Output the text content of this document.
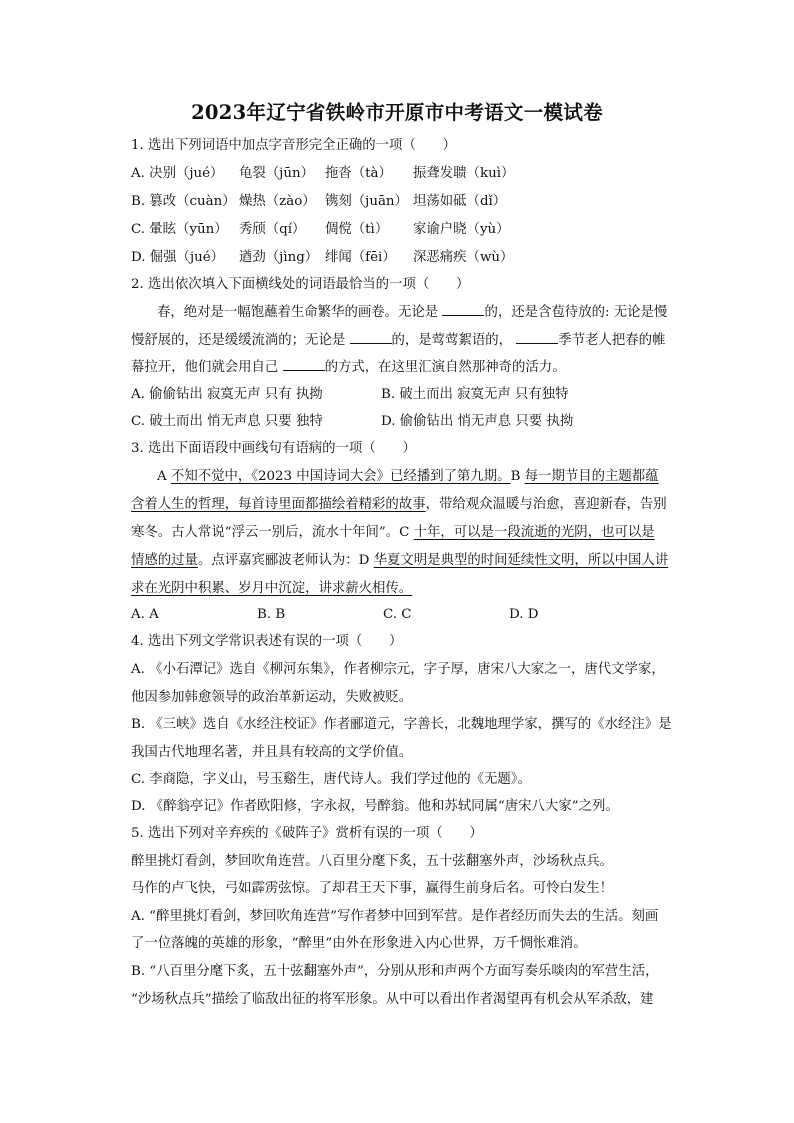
2023年辽宁省铁岭市开原市中考语文一模试卷
1. 选出下列词语中加点字音形完全正确的一项（　　）
A. 决别（jué） 龟裂（jūn） 拖沓（tà） 振聋发聩（kuì）
B. 篡改（cuàn） 燥热（zào） 镌刻（juān） 坦荡如砥（dǐ）
C. 暈眩（yūn） 秀颀（qí） 倜傥（tì） 家谕户晓（yù）
D. 倔强（jué） 遒劲（jìng） 绯闻（fēi） 深恶痛疾（wù）
2. 选出依次填入下面横线处的词语最恰当的一项（　　）
春，绝对是一幅饱蘸着生命繁华的画卷。无论是	的，还是含苞待放的: 无论是慢
慢舒展的，还是缓缓流淌的；无论是	的，是莺莺絮语的，	季节老人把春的帷
幕拉开，他们就会用自己	的方式，在这里汇演自然那神奇的活力。
A. 偷偷钻出 寂寞无声 只有 执拗	B. 破土而出 寂寞无声 只有独特
C. 破土而出 悄无声息 只要 独特	D. 偷偷钻出 悄无声息 只要 执拗
3. 选出下面语段中画线句有语病的一项（　　）
A 不知不觉中，《2023 中国诗词大会》已经播到了第九期。B 每一期节目的主题都蕴
含着人生的哲理，每首诗里面都描绘着精彩的故事，带给观众温暖与治愈，喜迎新春，告别
寒冬。古人常说“浮云一别后，流水十年间”。C 十年，可以是一段流逝的光阴，也可以是
情感的过量。点评嘉宾郦波老师认为：D 华夏文明是典型的时间延续性文明，所以中国人讲
求在光阴中积累、岁月中沉淀，讲求薪火相传。
A. A	B. B	C. C	D. D
4. 选出下列文学常识表述有误的一项（　　）
A. 《小石潭记》选自《柳河东集》，作者柳宗元，字子厚，唐宋八大家之一，唐代文学家，
他因参加韩愈领导的政治革新运动，失败被贬。
B. 《三峡》选自《水经注校证》作者郦道元，字善长，北魏地理学家，撰写的《水经注》是
我国古代地理名著，并且具有较高的文学价值。
C. 李商隐，字义山，号玉谿生，唐代诗人。我们学过他的《无题》。
D. 《醉翁亭记》作者欧阳修，字永叔，号醉翁。他和苏轼同属“唐宋八大家”之列。
5. 选出下列对辛弃疾的《破阵子》赏析有误的一项（　　）
醉里挑灯看剑，梦回吹角连营。八百里分麾下炙，五十弦翻塞外声，沙场秋点兵。
马作的卢飞快，弓如霹雳弦惊。了却君王天下事，赢得生前身后名。可怜白发生！
A. “醉里挑灯看剑，梦回吹角连营”写作者梦中回到军营。是作者经历而失去的生活。刻画
了一位落魄的英雄的形象，“醉里”由外在形象进入内心世界，万千惆怅难消。
B. “八百里分麾下炙，五十弦翻塞外声”，分别从形和声两个方面写奏乐啖肉的军营生活，
“沙场秋点兵”描绘了临敌出征的将军形象。从中可以看出作者渴望再有机会从军杀敌，建
